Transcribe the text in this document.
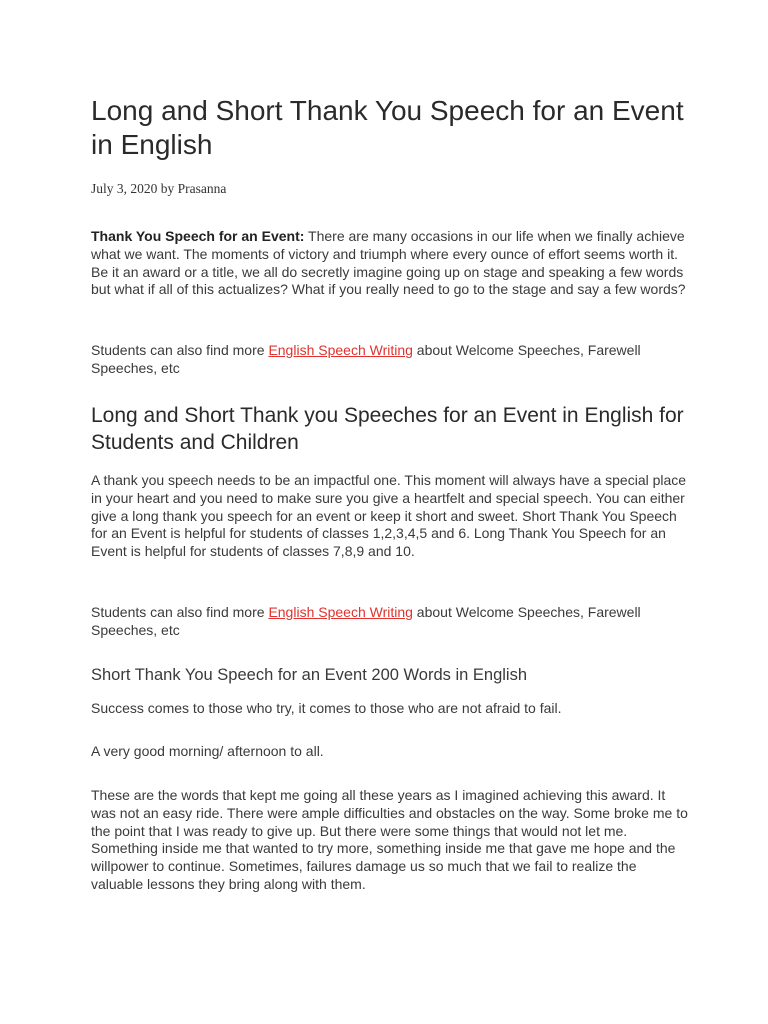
Long and Short Thank You Speech for an Event in English
July 3, 2020 by Prasanna

Thank You Speech for an Event: There are many occasions in our life when we finally achieve what we want. The moments of victory and triumph where every ounce of effort seems worth it. Be it an award or a title, we all do secretly imagine going up on stage and speaking a few words but what if all of this actualizes? What if you really need to go to the stage and say a few words?

Students can also find more English Speech Writing about Welcome Speeches, Farewell Speeches, etc

Long and Short Thank you Speeches for an Event in English for Students and Children

A thank you speech needs to be an impactful one. This moment will always have a special place in your heart and you need to make sure you give a heartfelt and special speech. You can either give a long thank you speech for an event or keep it short and sweet. Short Thank You Speech for an Event is helpful for students of classes 1,2,3,4,5 and 6. Long Thank You Speech for an Event is helpful for students of classes 7,8,9 and 10.

Students can also find more English Speech Writing about Welcome Speeches, Farewell Speeches, etc

Short Thank You Speech for an Event 200 Words in English

Success comes to those who try, it comes to those who are not afraid to fail.

A very good morning/ afternoon to all.

These are the words that kept me going all these years as I imagined achieving this award. It was not an easy ride. There were ample difficulties and obstacles on the way. Some broke me to the point that I was ready to give up. But there were some things that would not let me. Something inside me that wanted to try more, something inside me that gave me hope and the willpower to continue. Sometimes, failures damage us so much that we fail to realize the valuable lessons they bring along with them.
